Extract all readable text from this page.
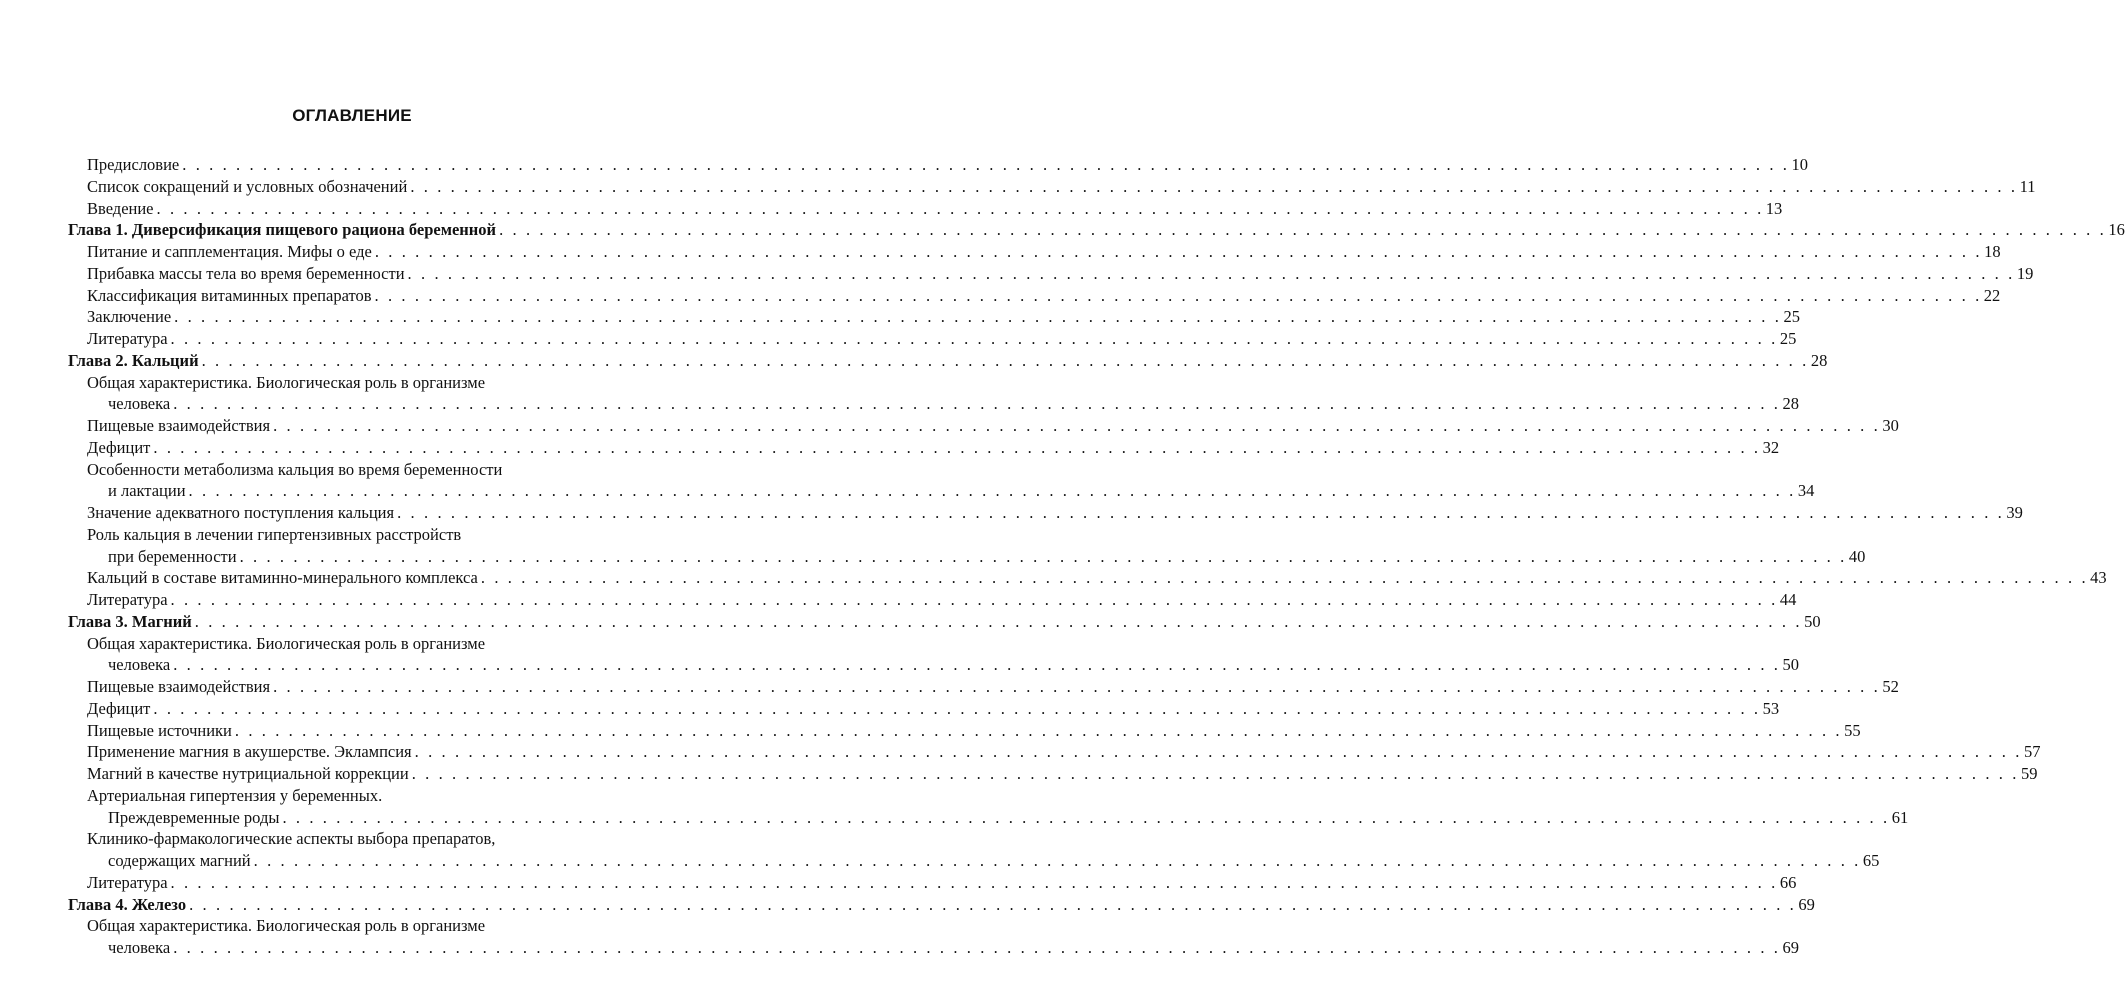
ОГЛАВЛЕНИЕ
Предисловие . . . . . . . . . . . . . . . . . . . . . . . . . . . . . . . . . . . . . . . . . . . . . . . . . . . . . . . . . . . . . . . . . . . . . . . . . . . . . . . . . . . . . . . . . . . . . . . . . . . . . . . . . . . . . . . . . . . . . . . . 10
Список сокращений и условных обозначений . . . . . . . . . . . . . . . . . . . . . . . . . . . . . . . . . . . . . . . . . . . . . . . . . . . . . . . . . . . . . . . . . . . . . . . . . . . . . . . . . . . . . . . . . . . . . . . . . . . . . . . . . . . . . . . . . . . . . . . . 11
Введение . . . . . . . . . . . . . . . . . . . . . . . . . . . . . . . . . . . . . . . . . . . . . . . . . . . . . . . . . . . . . . . . . . . . . . . . . . . . . . . . . . . . . . . . . . . . . . . . . . . . . . . . . . . . . . . . . . . . . . . . 13
Глава 1. Диверсификация пищевого рациона беременной . . . . . . . . . . . . . . . . . . . . . . . . . . . . . . . . . . . . . . . . . . . . . . . . . . . . . . . . . . . . . . . . . . . . . . . . . . . . . . . . . . . . . . . . . . . . . . . . . . . . . . . . . . . . . . . . . . . . . . . . 16
Питание и сапплементация. Мифы о еде . . . . . . . . . . . . . . . . . . . . . . . . . . . . . . . . . . . . . . . . . . . . . . . . . . . . . . . . . . . . . . . . . . . . . . . . . . . . . . . . . . . . . . . . . . . . . . . . . . . . . . . . . . . . . . . . . . . . . . . . 18
Прибавка массы тела во время беременности . . . . . . . . . . . . . . . . . . . . . . . . . . . . . . . . . . . . . . . . . . . . . . . . . . . . . . . . . . . . . . . . . . . . . . . . . . . . . . . . . . . . . . . . . . . . . . . . . . . . . . . . . . . . . . . . . . . . . . . . 19
Классификация витаминных препаратов . . . . . . . . . . . . . . . . . . . . . . . . . . . . . . . . . . . . . . . . . . . . . . . . . . . . . . . . . . . . . . . . . . . . . . . . . . . . . . . . . . . . . . . . . . . . . . . . . . . . . . . . . . . . . . . . . . . . . . . . 22
Заключение . . . . . . . . . . . . . . . . . . . . . . . . . . . . . . . . . . . . . . . . . . . . . . . . . . . . . . . . . . . . . . . . . . . . . . . . . . . . . . . . . . . . . . . . . . . . . . . . . . . . . . . . . . . . . . . . . . . . . . . . 25
Литература . . . . . . . . . . . . . . . . . . . . . . . . . . . . . . . . . . . . . . . . . . . . . . . . . . . . . . . . . . . . . . . . . . . . . . . . . . . . . . . . . . . . . . . . . . . . . . . . . . . . . . . . . . . . . . . . . . . . . . . . 25
Глава 2. Кальций . . . . . . . . . . . . . . . . . . . . . . . . . . . . . . . . . . . . . . . . . . . . . . . . . . . . . . . . . . . . . . . . . . . . . . . . . . . . . . . . . . . . . . . . . . . . . . . . . . . . . . . . . . . . . . . . . . . . . . . . 28
Общая характеристика. Биологическая роль в организме
человека . . . . . . . . . . . . . . . . . . . . . . . . . . . . . . . . . . . . . . . . . . . . . . . . . . . . . . . . . . . . . . . . . . . . . . . . . . . . . . . . . . . . . . . . . . . . . . . . . . . . . . . . . . . . . . . . . . . . . . . . 28
Пищевые взаимодействия . . . . . . . . . . . . . . . . . . . . . . . . . . . . . . . . . . . . . . . . . . . . . . . . . . . . . . . . . . . . . . . . . . . . . . . . . . . . . . . . . . . . . . . . . . . . . . . . . . . . . . . . . . . . . . . . . . . . . . . . 30
Дефицит . . . . . . . . . . . . . . . . . . . . . . . . . . . . . . . . . . . . . . . . . . . . . . . . . . . . . . . . . . . . . . . . . . . . . . . . . . . . . . . . . . . . . . . . . . . . . . . . . . . . . . . . . . . . . . . . . . . . . . . . 32
Особенности метаболизма кальция во время беременности
и лактации . . . . . . . . . . . . . . . . . . . . . . . . . . . . . . . . . . . . . . . . . . . . . . . . . . . . . . . . . . . . . . . . . . . . . . . . . . . . . . . . . . . . . . . . . . . . . . . . . . . . . . . . . . . . . . . . . . . . . . . . 34
Значение адекватного поступления кальция . . . . . . . . . . . . . . . . . . . . . . . . . . . . . . . . . . . . . . . . . . . . . . . . . . . . . . . . . . . . . . . . . . . . . . . . . . . . . . . . . . . . . . . . . . . . . . . . . . . . . . . . . . . . . . . . . . . . . . . . 39
Роль кальция в лечении гипертензивных расстройств
при беременности . . . . . . . . . . . . . . . . . . . . . . . . . . . . . . . . . . . . . . . . . . . . . . . . . . . . . . . . . . . . . . . . . . . . . . . . . . . . . . . . . . . . . . . . . . . . . . . . . . . . . . . . . . . . . . . . . . . . . . . . 40
Кальций в составе витаминно-минерального комплекса . . . . . . . . . . . . . . . . . . . . . . . . . . . . . . . . . . . . . . . . . . . . . . . . . . . . . . . . . . . . . . . . . . . . . . . . . . . . . . . . . . . . . . . . . . . . . . . . . . . . . . . . . . . . . . . . . . . . . . . . 43
Литература . . . . . . . . . . . . . . . . . . . . . . . . . . . . . . . . . . . . . . . . . . . . . . . . . . . . . . . . . . . . . . . . . . . . . . . . . . . . . . . . . . . . . . . . . . . . . . . . . . . . . . . . . . . . . . . . . . . . . . . . 44
Глава 3. Магний . . . . . . . . . . . . . . . . . . . . . . . . . . . . . . . . . . . . . . . . . . . . . . . . . . . . . . . . . . . . . . . . . . . . . . . . . . . . . . . . . . . . . . . . . . . . . . . . . . . . . . . . . . . . . . . . . . . . . . . . 50
Общая характеристика. Биологическая роль в организме
человека . . . . . . . . . . . . . . . . . . . . . . . . . . . . . . . . . . . . . . . . . . . . . . . . . . . . . . . . . . . . . . . . . . . . . . . . . . . . . . . . . . . . . . . . . . . . . . . . . . . . . . . . . . . . . . . . . . . . . . . . 50
Пищевые взаимодействия . . . . . . . . . . . . . . . . . . . . . . . . . . . . . . . . . . . . . . . . . . . . . . . . . . . . . . . . . . . . . . . . . . . . . . . . . . . . . . . . . . . . . . . . . . . . . . . . . . . . . . . . . . . . . . . . . . . . . . . . 52
Дефицит . . . . . . . . . . . . . . . . . . . . . . . . . . . . . . . . . . . . . . . . . . . . . . . . . . . . . . . . . . . . . . . . . . . . . . . . . . . . . . . . . . . . . . . . . . . . . . . . . . . . . . . . . . . . . . . . . . . . . . . . 53
Пищевые источники . . . . . . . . . . . . . . . . . . . . . . . . . . . . . . . . . . . . . . . . . . . . . . . . . . . . . . . . . . . . . . . . . . . . . . . . . . . . . . . . . . . . . . . . . . . . . . . . . . . . . . . . . . . . . . . . . . . . . . . . 55
Применение магния в акушерстве. Эклампсия . . . . . . . . . . . . . . . . . . . . . . . . . . . . . . . . . . . . . . . . . . . . . . . . . . . . . . . . . . . . . . . . . . . . . . . . . . . . . . . . . . . . . . . . . . . . . . . . . . . . . . . . . . . . . . . . . . . . . . . . 57
Магний в качестве нутрициальной коррекции . . . . . . . . . . . . . . . . . . . . . . . . . . . . . . . . . . . . . . . . . . . . . . . . . . . . . . . . . . . . . . . . . . . . . . . . . . . . . . . . . . . . . . . . . . . . . . . . . . . . . . . . . . . . . . . . . . . . . . . . 59
Артериальная гипертензия у беременных.
Преждевременные роды . . . . . . . . . . . . . . . . . . . . . . . . . . . . . . . . . . . . . . . . . . . . . . . . . . . . . . . . . . . . . . . . . . . . . . . . . . . . . . . . . . . . . . . . . . . . . . . . . . . . . . . . . . . . . . . . . . . . . . . . 61
Клинико-фармакологические аспекты выбора препаратов,
содержащих магний . . . . . . . . . . . . . . . . . . . . . . . . . . . . . . . . . . . . . . . . . . . . . . . . . . . . . . . . . . . . . . . . . . . . . . . . . . . . . . . . . . . . . . . . . . . . . . . . . . . . . . . . . . . . . . . . . . . . . . . . 65
Литература . . . . . . . . . . . . . . . . . . . . . . . . . . . . . . . . . . . . . . . . . . . . . . . . . . . . . . . . . . . . . . . . . . . . . . . . . . . . . . . . . . . . . . . . . . . . . . . . . . . . . . . . . . . . . . . . . . . . . . . . 66
Глава 4. Железо . . . . . . . . . . . . . . . . . . . . . . . . . . . . . . . . . . . . . . . . . . . . . . . . . . . . . . . . . . . . . . . . . . . . . . . . . . . . . . . . . . . . . . . . . . . . . . . . . . . . . . . . . . . . . . . . . . . . . . . . 69
Общая характеристика. Биологическая роль в организме
человека . . . . . . . . . . . . . . . . . . . . . . . . . . . . . . . . . . . . . . . . . . . . . . . . . . . . . . . . . . . . . . . . . . . . . . . . . . . . . . . . . . . . . . . . . . . . . . . . . . . . . . . . . . . . . . . . . . . . . . . . 69
